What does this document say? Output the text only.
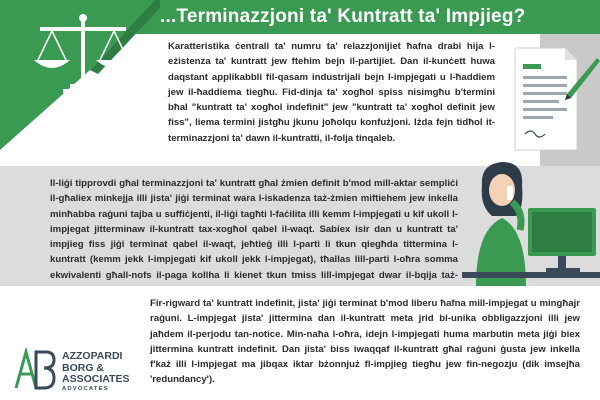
...Terminazzjoni ta' Kuntratt ta' Impjieg?
Karatteristika ċentrali ta' numru ta' relazzjonijiet ħafna drabi hija l-eżistenza ta' kuntratt jew ftehim bejn il-partijiet. Dan il-kunċett huwa daqstant applikabbli fil-qasam industrijali bejn l-impjegati u l-ħaddiem jew il-ħaddiema tiegħu. Fid-dinja ta' xogħol spiss nisimgħu b'termini bħal "kuntratt ta' xogħol indefinit" jew "kuntratt ta' xogħol definit jew fiss", liema termini jistgħu jkunu joħolqu konfużjoni. Iżda fejn tidħol it-terminazzjoni ta' dawn il-kuntratti, il-folja tinqaleb.
Il-liġi tipprovdi għal terminazzjoni ta' kuntratt għal żmien definit b'mod mill-aktar sempliċi il-għaliex minkejja illi jista' jiġi terminat wara l-iskadenza taż-żmien miftiehem jew inkella minħabba raġuni tajba u suffiċjenti, il-liġi tagħti l-faċilita illi kemm l-impjegati u kif ukoll l-impjegat jitterminaw il-kuntratt tax-xogħol qabel il-waqt. Sabiex isir dan u kuntratt ta' impjieg fiss jiġi terminat qabel il-waqt, jeħtieġ illi l-parti li tkun qiegħda tittermina l-kuntratt (kemm jekk l-impjegati kif ukoll jekk l-impjegat), tħallas lill-parti l-oħra somma ekwivalenti għall-nofs il-paga kollha li kienet tkun tmiss lill-impjegat dwar il-bqija taż-
Fir-rigward ta' kuntratt indefinit, jista' jiġi terminat b'mod liberu ħafna mill-impjegat u mingħajr raġuni. L-impjegat jista' jittermina dan il-kuntratt meta jrid bl-unika obbligazzjoni illi jew jaħdem il-perjodu tan-notice. Min-naħa l-oħra, idejn l-impjegati huma marbutin meta jiġi biex jittermina kuntratt indefinit. Dan jista' biss iwaqqaf il-kuntratt għal raġuni ġusta jew inkella f'każ illi l-impjegat ma jibqax iktar bżonnjuż fl-impjieg tiegħu jew fin-negozju (dik imsejħa 'redundancy').
AZZOPARDI
BORG &
ASSOCIATES
ADVOCATES
